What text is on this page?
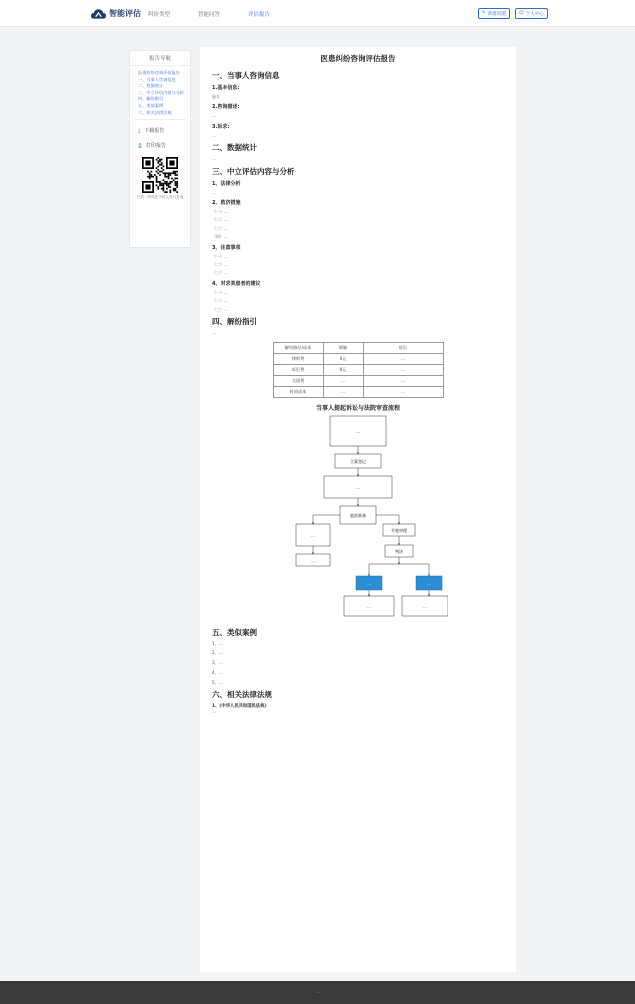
智能评估 纠纷类型	智能问答	评估报告	✎ 新建问题	☺ 个人中心
报告导航
医患纠纷咨询评估报告
一、当事人咨询信息
二、数据统计
三、中立评估内容与分析
四、解纷指引
五、类似案例
六、相关法律法规
⤓ 下载报告
⎙ 打印报告
扫描二维码在手机上进行查看
医患纠纷咨询评估报告
一、当事人咨询信息
1.基本信息:
患方
2.咨询描述:
…
3.诉求:
…
二、数据统计
…
三、中立评估内容与分析
1、法律分析
…
2、救济措施
（一）…
（二）…
（三）…
（四）…
3、注意事项
（一）…
（二）…
（三）…
4、对求美患者的建议
（一）…
（二）…
（三）…
四、解纷指引
…
解纷路径/成本	调解	诉讼
律师费	0元	…
诉讼费	0元	…
交通费	…	…
时间成本	…	…
当事人提起诉讼与法院审查流程
…
立案登记
…
庭前准备
…
开庭审理
判决
…
…	…
…	…
五、类似案例
1、…
2、…
3、…
4、…
5、…
六、相关法律法规
1、《中华人民共和国民法典》
…
…
